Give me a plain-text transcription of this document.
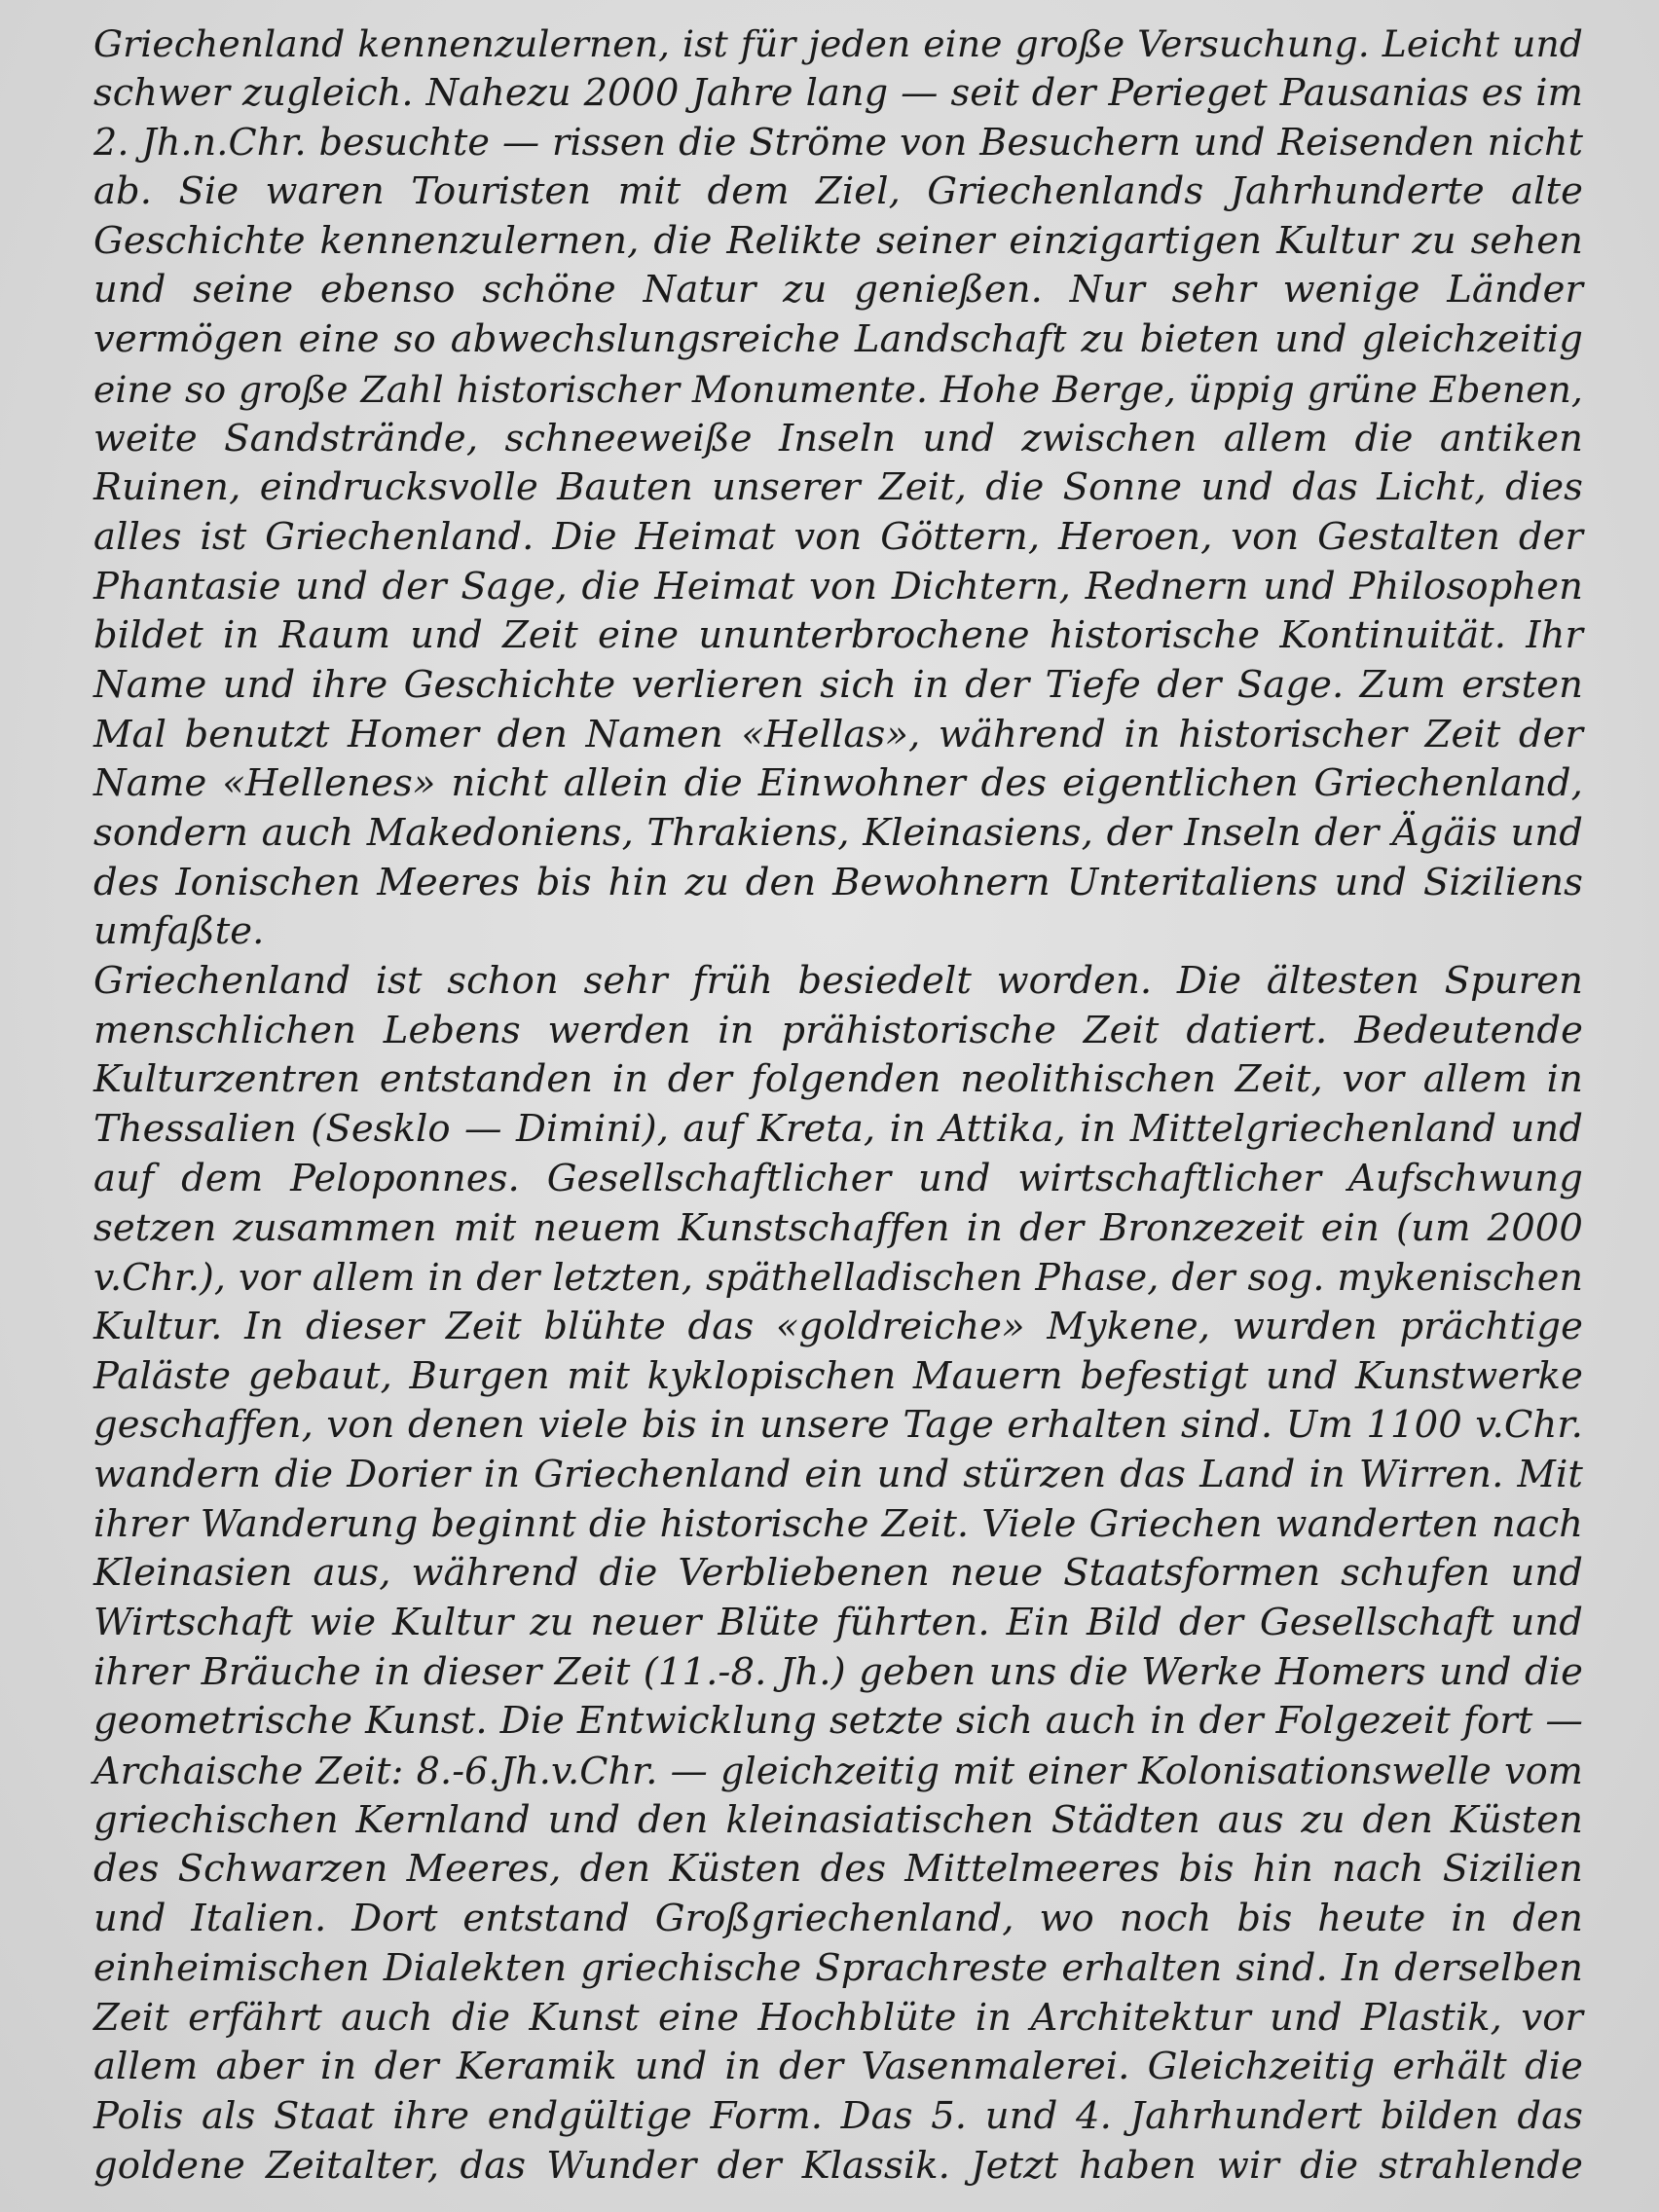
Griechenland kennenzulernen, ist für jeden eine große Versuchung. Leicht und
schwer zugleich. Nahezu 2000 Jahre lang — seit der Perieget Pausanias es im
2. Jh.n.Chr. besuchte — rissen die Ströme von Besuchern und Reisenden nicht
ab. Sie waren Touristen mit dem Ziel, Griechenlands Jahrhunderte alte
Geschichte kennenzulernen, die Relikte seiner einzigartigen Kultur zu sehen
und seine ebenso schöne Natur zu genießen. Nur sehr wenige Länder
vermögen eine so abwechslungsreiche Landschaft zu bieten und gleichzeitig
eine so große Zahl historischer Monumente. Hohe Berge, üppig grüne Ebenen,
weite Sandstrände, schneeweiße Inseln und zwischen allem die antiken
Ruinen, eindrucksvolle Bauten unserer Zeit, die Sonne und das Licht, dies
alles ist Griechenland. Die Heimat von Göttern, Heroen, von Gestalten der
Phantasie und der Sage, die Heimat von Dichtern, Rednern und Philosophen
bildet in Raum und Zeit eine ununterbrochene historische Kontinuität. Ihr
Name und ihre Geschichte verlieren sich in der Tiefe der Sage. Zum ersten
Mal benutzt Homer den Namen «Hellas», während in historischer Zeit der
Name «Hellenes» nicht allein die Einwohner des eigentlichen Griechenland,
sondern auch Makedoniens, Thrakiens, Kleinasiens, der Inseln der Ägäis und
des Ionischen Meeres bis hin zu den Bewohnern Unteritaliens und Siziliens
umfaßte.
Griechenland ist schon sehr früh besiedelt worden. Die ältesten Spuren
menschlichen Lebens werden in prähistorische Zeit datiert. Bedeutende
Kulturzentren entstanden in der folgenden neolithischen Zeit, vor allem in
Thessalien (Sesklo — Dimini), auf Kreta, in Attika, in Mittelgriechenland und
auf dem Peloponnes. Gesellschaftlicher und wirtschaftlicher Aufschwung
setzen zusammen mit neuem Kunstschaffen in der Bronzezeit ein (um 2000
v.Chr.), vor allem in der letzten, späthelladischen Phase, der sog. mykenischen
Kultur. In dieser Zeit blühte das «goldreiche» Mykene, wurden prächtige
Paläste gebaut, Burgen mit kyklopischen Mauern befestigt und Kunstwerke
geschaffen, von denen viele bis in unsere Tage erhalten sind. Um 1100 v.Chr.
wandern die Dorier in Griechenland ein und stürzen das Land in Wirren. Mit
ihrer Wanderung beginnt die historische Zeit. Viele Griechen wanderten nach
Kleinasien aus, während die Verbliebenen neue Staatsformen schufen und
Wirtschaft wie Kultur zu neuer Blüte führten. Ein Bild der Gesellschaft und
ihrer Bräuche in dieser Zeit (11.-8. Jh.) geben uns die Werke Homers und die
geometrische Kunst. Die Entwicklung setzte sich auch in der Folgezeit fort —
Archaische Zeit: 8.-6.Jh.v.Chr. — gleichzeitig mit einer Kolonisationswelle vom
griechischen Kernland und den kleinasiatischen Städten aus zu den Küsten
des Schwarzen Meeres, den Küsten des Mittelmeeres bis hin nach Sizilien
und Italien. Dort entstand Großgriechenland, wo noch bis heute in den
einheimischen Dialekten griechische Sprachreste erhalten sind. In derselben
Zeit erfährt auch die Kunst eine Hochblüte in Architektur und Plastik, vor
allem aber in der Keramik und in der Vasenmalerei. Gleichzeitig erhält die
Polis als Staat ihre endgültige Form. Das 5. und 4. Jahrhundert bilden das
goldene Zeitalter, das Wunder der Klassik. Jetzt haben wir die strahlende
